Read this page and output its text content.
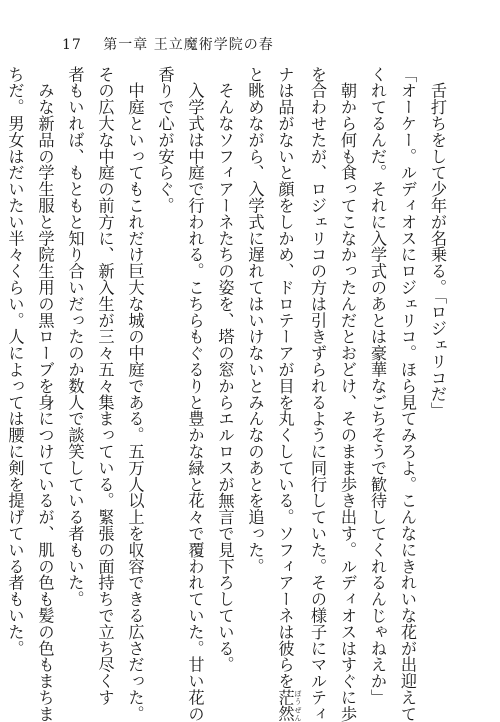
17 第一章 王立魔術学院の春

　舌打ちをして少年が名乗る。「ロジェリコだ」

「オーケー。ルディオスにロジェリコ。ほら見てみろよ。こんなにきれいな花が出迎えて

くれてるんだ。それに入学式のあとは豪華なごちそうで歓待してくれるんじゃねえか」

　朝から何も食ってこなかったんだとおどけ、そのまま歩き出す。ルディオスはすぐに歩

を合わせたが、ロジェリコの方は引きずられるように同行していた。その様子にマルティ

ナは品がないと顔をしかめ、ドロテーアが目を丸くしている。ソフィアーネは彼らを茫然 ぼうぜん

と眺めながら、入学式に遅れてはいけないとみんなのあとを追った。

　そんなソフィアーネたちの姿を、塔の窓からエルロスが無言で見下ろしている。

　入学式は中庭で行われる。こちらもぐるりと豊かな緑と花々で覆われていた。甘い花の

香りで心が安らぐ。

　中庭といってもこれだけ巨大な城の中庭である。五万人以上を収容できる広さだった。

その広大な中庭の前方に、新入生が三々五々集まっている。緊張の面持ちで立ち尽くす

者もいれば、もともと知り合いだったのか数人で談笑している者もいた。

　みな新品の学生服と学院生用の黒ローブを身につけているが、肌の色も髪の色もまちま

ちだ。男女はだいたい半々くらい。人によっては腰に剣を提げている者もいた。
